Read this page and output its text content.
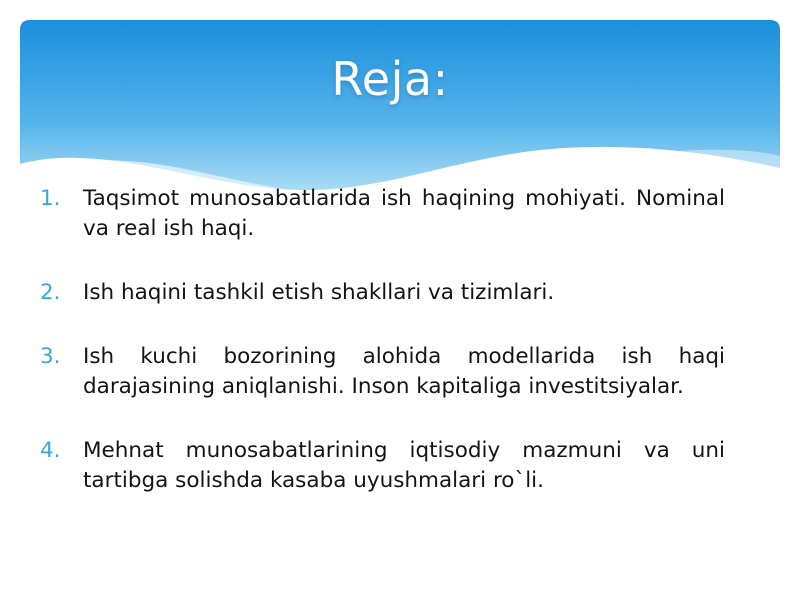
Reja:
1.	Taqsimot munosabatlarida ish haqining mohiyati. Nominal va real ish haqi.
2.	Ish haqini tashkil etish shakllari va tizimlari.
3.	Ish kuchi bozorining alohida modellarida ish haqi darajasining aniqlanishi. Inson kapitaliga investitsiyalar.
4.	Mehnat munosabatlarining iqtisodiy mazmuni va uni tartibga solishda kasaba uyushmalari ro`li.
